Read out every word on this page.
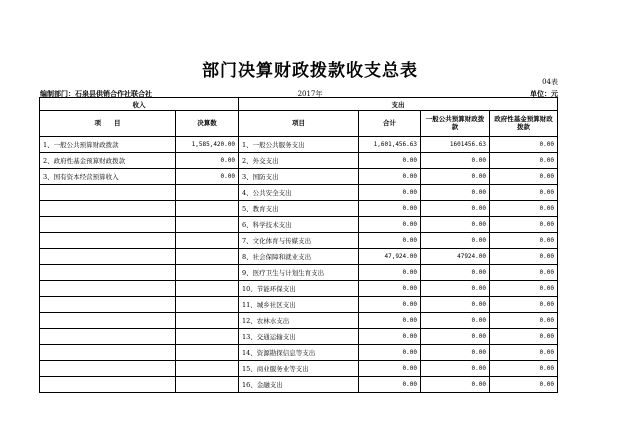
部门决算财政拨款收支总表
04表
编制部门：石泉县供销合作社联合社	2017年	单位：元
收入		支出			
项　　目	决算数	项目	合计	一般公共预算财政拨款	政府性基金预算财政拨款
1、一般公共预算财政拨款	1,585,420.00	1、一般公共服务支出	1,601,456.63	1601456.63	0.00
2、政府性基金预算财政拨款	0.00	2、外交支出	0.00	0.00	0.00
3、国有资本经营预算收入	0.00	3、国防支出	0.00	0.00	0.00
		4、公共安全支出	0.00	0.00	0.00
		5、教育支出	0.00	0.00	0.00
		6、科学技术支出	0.00	0.00	0.00
		7、文化体育与传媒支出	0.00	0.00	0.00
		8、社会保障和就业支出	47,924.00	47924.00	0.00
		9、医疗卫生与计划生育支出	0.00	0.00	0.00
		10、节能环保支出	0.00	0.00	0.00
		11、城乡社区支出	0.00	0.00	0.00
		12、农林水支出	0.00	0.00	0.00
		13、交通运输支出	0.00	0.00	0.00
		14、资源勘探信息等支出	0.00	0.00	0.00
		15、商业服务业等支出	0.00	0.00	0.00
		16、金融支出	0.00	0.00	0.00
